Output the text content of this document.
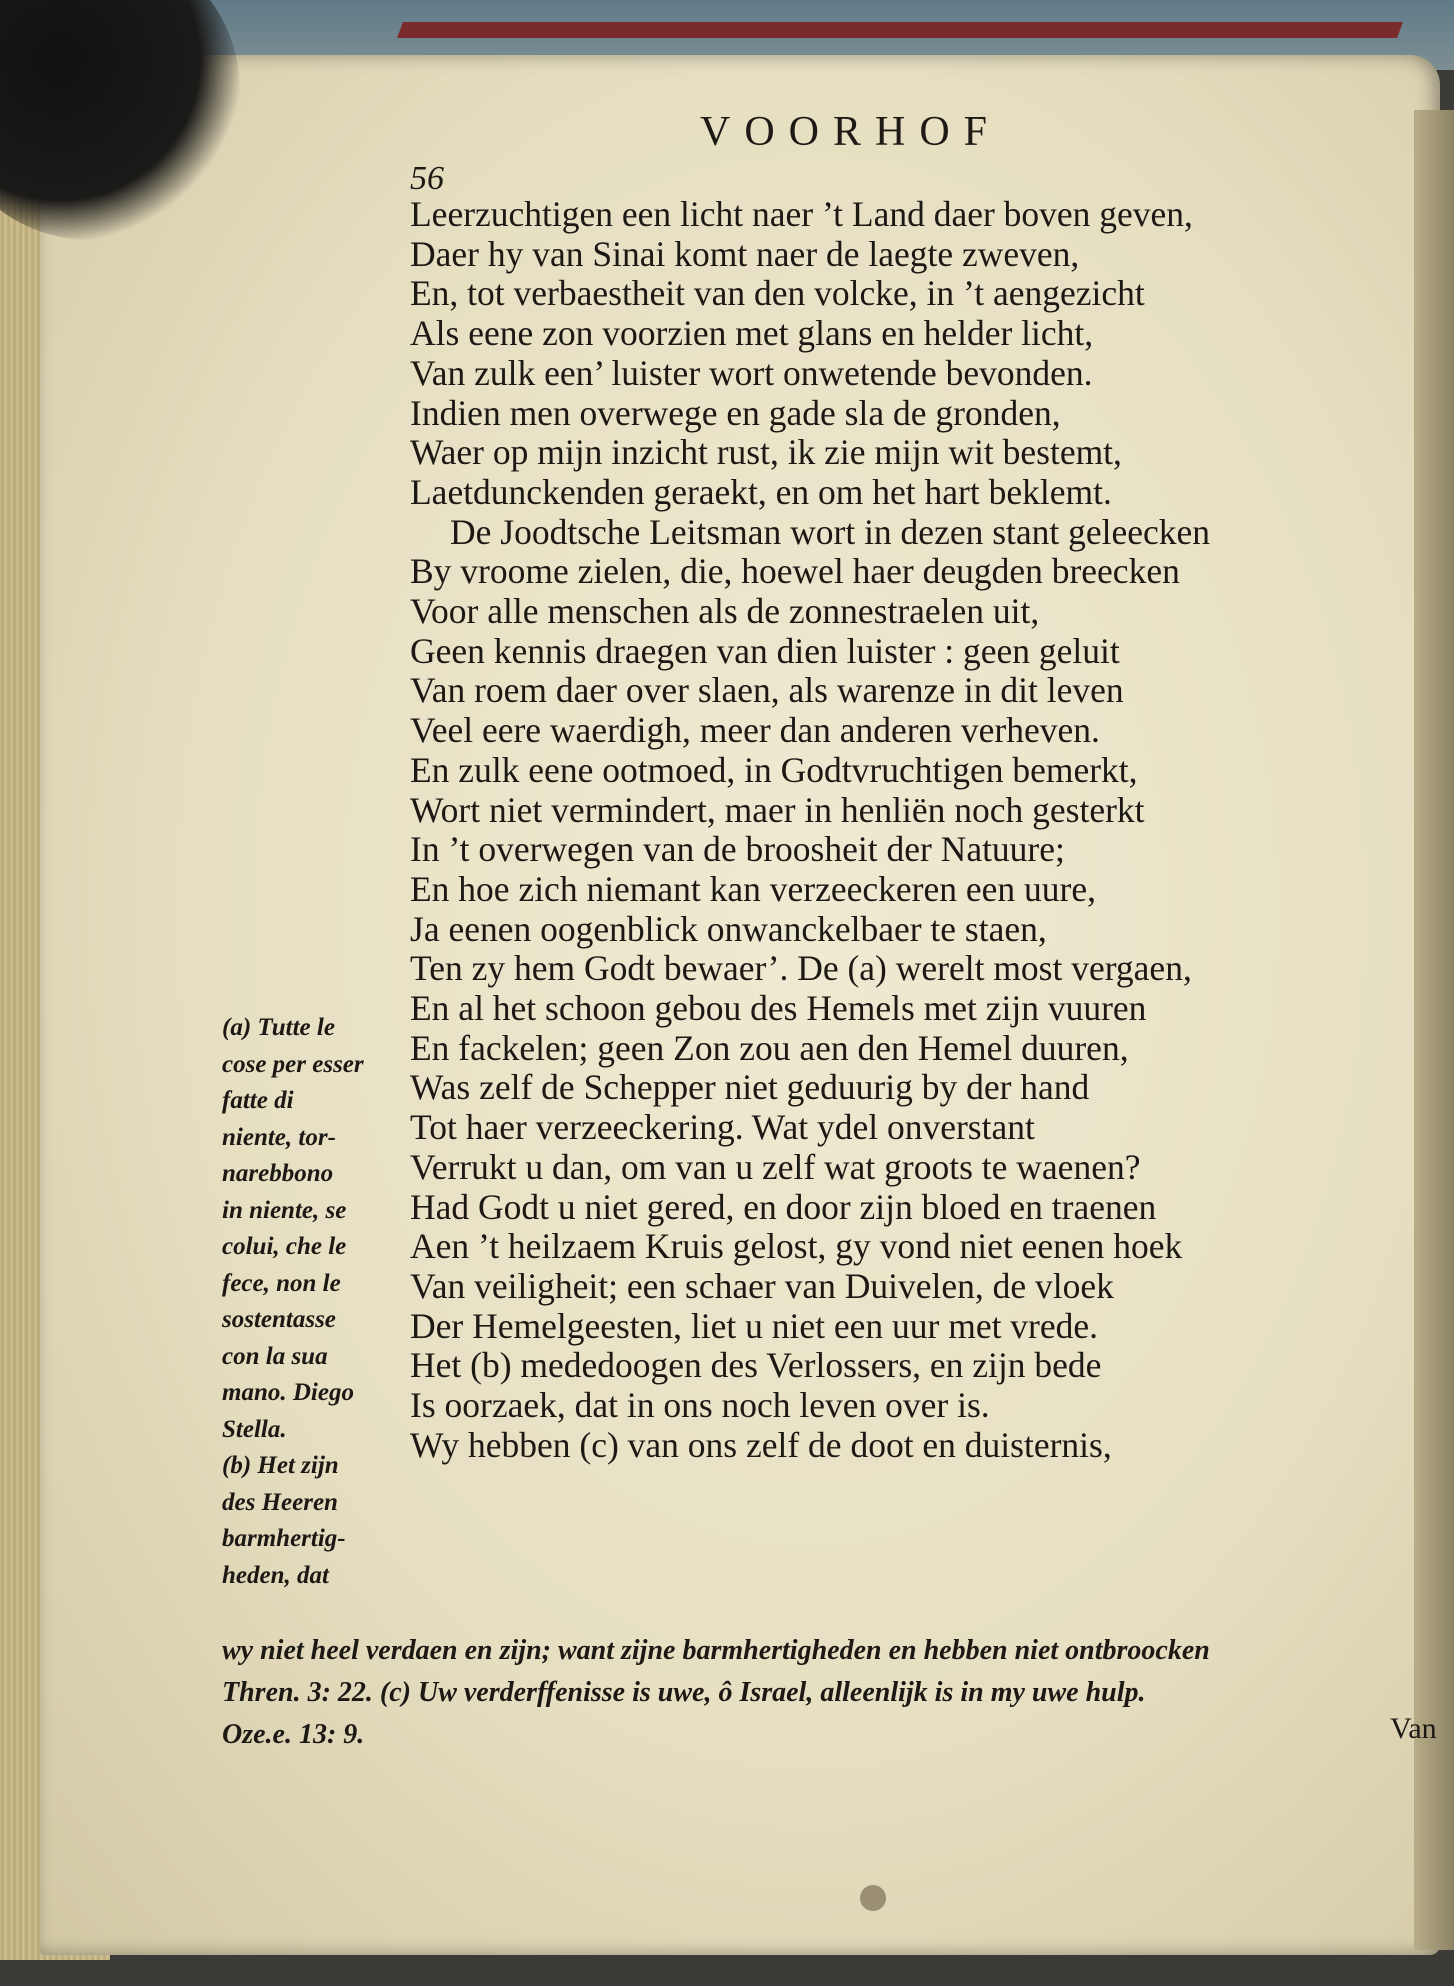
VOORHOF
56
Leerzuchtigen een licht naer ’t Land daer boven geven,
Daer hy van Sinai komt naer de laegte zweven,
En, tot verbaestheit van den volcke, in ’t aengezicht
Als eene zon voorzien met glans en helder licht,
Van zulk een’ luister wort onwetende bevonden.
Indien men overwege en gade sla de gronden,
Waer op mijn inzicht rust, ik zie mijn wit bestemt,
Laetdunckenden geraekt, en om het hart beklemt.
De Joodtsche Leitsman wort in dezen stant geleecken
By vroome zielen, die, hoewel haer deugden breecken
Voor alle menschen als de zonnestraelen uit,
Geen kennis draegen van dien luister : geen geluit
Van roem daer over slaen, als warenze in dit leven
Veel eere waerdigh, meer dan anderen verheven.
En zulk eene ootmoed, in Godtvruchtigen bemerkt,
Wort niet vermindert, maer in henliën noch gesterkt
In ’t overwegen van de broosheit der Natuure;
En hoe zich niemant kan verzeeckeren een uure,
Ja eenen oogenblick onwanckelbaer te staen,
Ten zy hem Godt bewaer’. De (a) werelt most vergaen,
En al het schoon gebou des Hemels met zijn vuuren
En fackelen; geen Zon zou aen den Hemel duuren,
Was zelf de Schepper niet geduurig by der hand
Tot haer verzeeckering. Wat ydel onverstant
Verrukt u dan, om van u zelf wat groots te waenen?
Had Godt u niet gered, en door zijn bloed en traenen
Aen ’t heilzaem Kruis gelost, gy vond niet eenen hoek
Van veiligheit; een schaer van Duivelen, de vloek
Der Hemelgeesten, liet u niet een uur met vrede.
Het (b) mededoogen des Verlossers, en zijn bede
Is oorzaek, dat in ons noch leven over is.
Wy hebben (c) van ons zelf de doot en duisternis,
(a) Tutte le
cose per esser
fatte di
niente, tor-
narebbono
in niente, se
colui, che le
fece, non le
sostentasse
con la sua
mano. Diego
Stella.
(b) Het zijn
des Heeren
barmhertig-
heden, dat
wy niet heel verdaen en zijn; want zijne barmhertigheden en hebben niet ontbroocken
Thren. 3: 22. (c) Uw verderffenisse is uwe, ô Israel, alleenlijk is in my uwe hulp.
Oze.e. 13: 9.	Van
